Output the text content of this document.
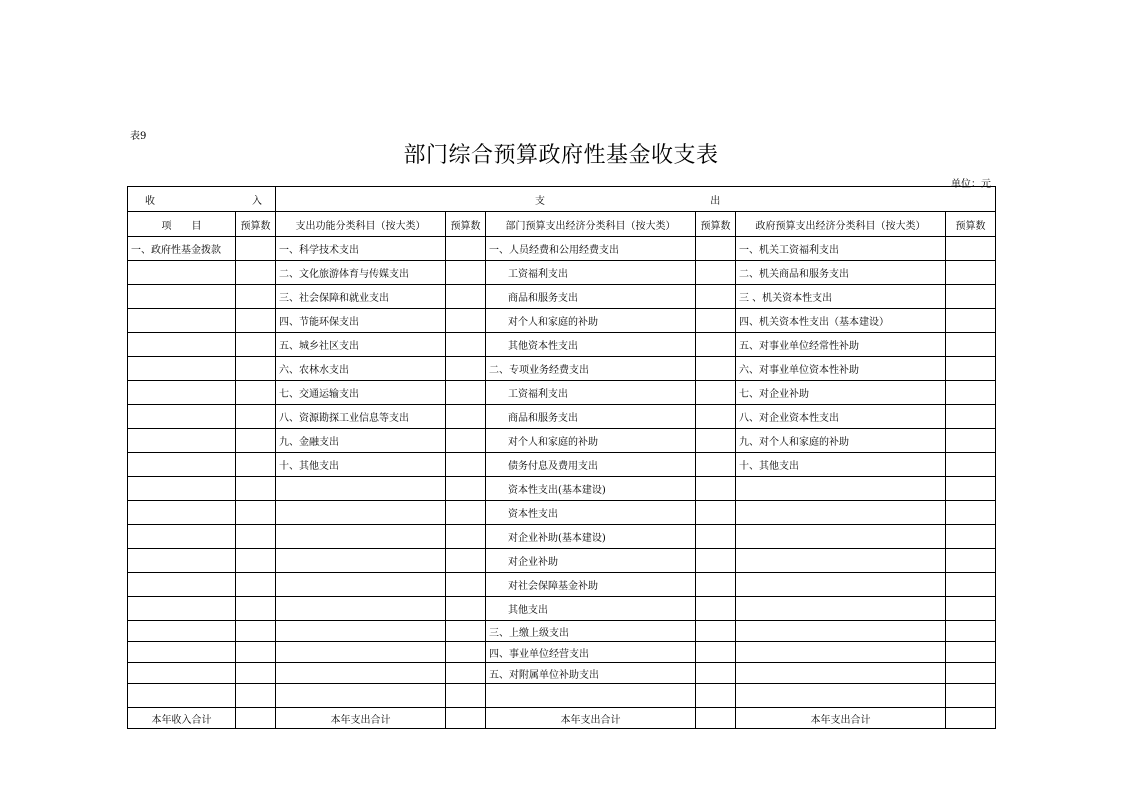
表9
部门综合预算政府性基金收支表
单位：元
收 入		支 出					
项　　目	预算数	支出功能分类科目（按大类）	预算数	部门预算支出经济分类科目（按大类）	预算数	政府预算支出经济分类科目（按大类）	预算数
一、政府性基金拨款		一、科学技术支出		一、人员经费和公用经费支出		一、机关工资福利支出	
		二、文化旅游体育与传媒支出		工资福利支出		二、机关商品和服务支出	
		三、社会保障和就业支出		商品和服务支出		三 、机关资本性支出	
		四、节能环保支出		对个人和家庭的补助		四、机关资本性支出（基本建设）	
		五、城乡社区支出		其他资本性支出		五、对事业单位经常性补助	
		六、农林水支出		二、专项业务经费支出		六、对事业单位资本性补助	
		七、交通运输支出		工资福利支出		七、对企业补助	
		八、资源勘探工业信息等支出		商品和服务支出		八、对企业资本性支出	
		九、金融支出		对个人和家庭的补助		九、对个人和家庭的补助	
		十、其他支出		债务付息及费用支出		十、其他支出	
				资本性支出(基本建设)			
				资本性支出			
				对企业补助(基本建设)			
				对企业补助			
				对社会保障基金补助			
				其他支出			
				三、上缴上级支出			
				四、事业单位经营支出			
				五、对附属单位补助支出			

本年收入合计		本年支出合计		本年支出合计		本年支出合计	
